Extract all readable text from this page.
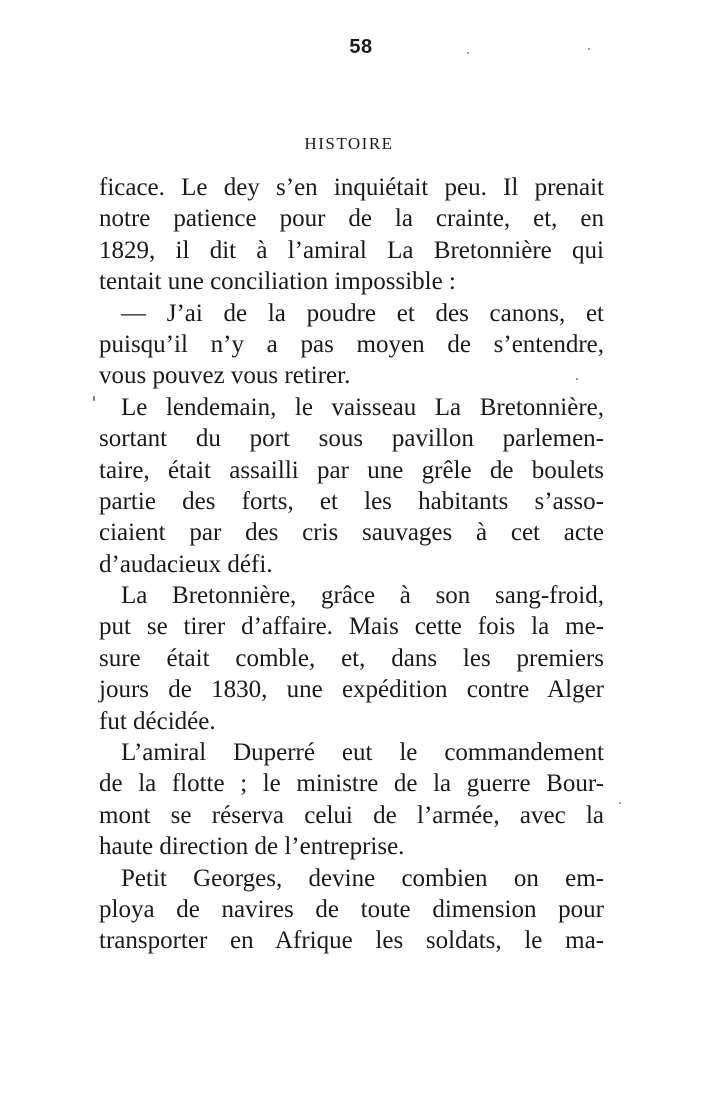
58
HISTOIRE
ficace. Le dey s’en inquiétait peu. Il prenait
notre patience pour de la crainte, et, en
1829, il dit à l’amiral La Bretonnière qui
tentait une conciliation impossible :
— J’ai de la poudre et des canons, et
puisqu’il n’y a pas moyen de s’entendre,
vous pouvez vous retirer.
Le lendemain, le vaisseau La Bretonnière,
sortant du port sous pavillon parlemen-
taire, était assailli par une grêle de boulets
partie des forts, et les habitants s’asso-
ciaient par des cris sauvages à cet acte
d’audacieux défi.
La Bretonnière, grâce à son sang-froid,
put se tirer d’affaire. Mais cette fois la me-
sure était comble, et, dans les premiers
jours de 1830, une expédition contre Alger
fut décidée.
L’amiral Duperré eut le commandement
de la flotte ; le ministre de la guerre Bour-
mont se réserva celui de l’armée, avec la
haute direction de l’entreprise.
Petit Georges, devine combien on em-
ploya de navires de toute dimension pour
transporter en Afrique les soldats, le ma-
